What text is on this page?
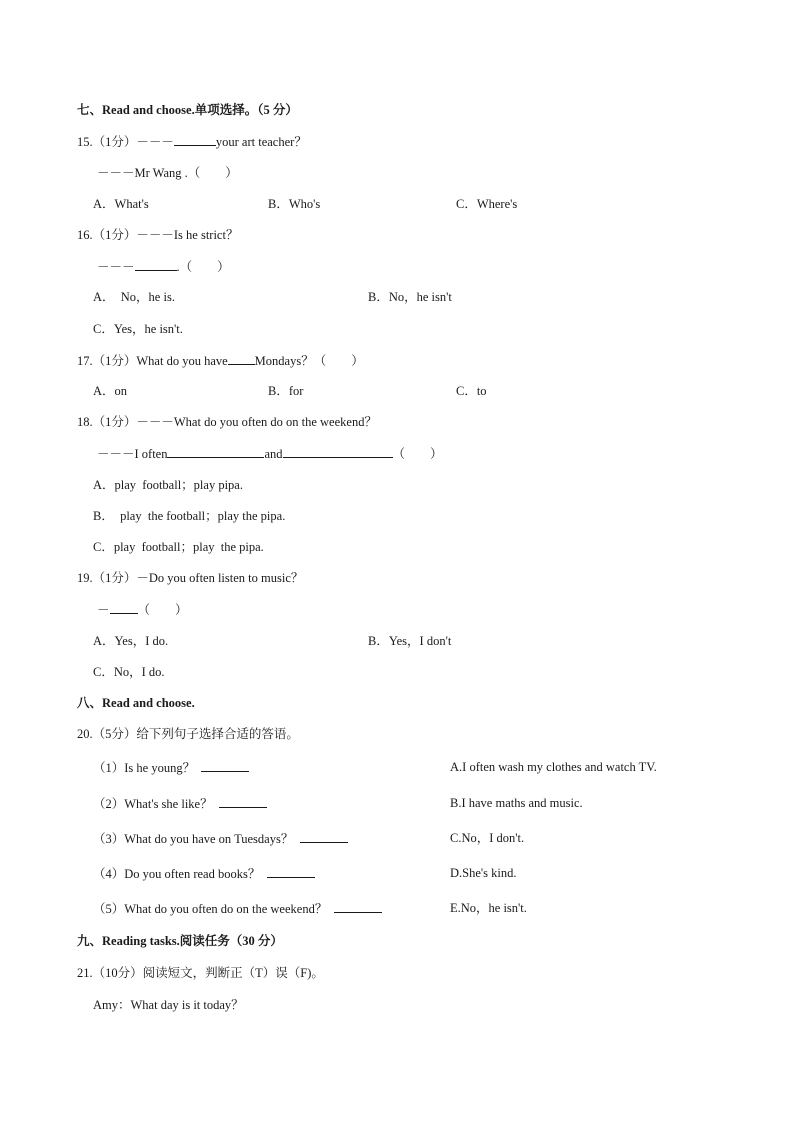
七、Read and choose.单项选择。（5 分）
15.（1分）－－－	your art teacher？
－－－Mr Wang .（　　）
A．What's	B．Who's	C．Where's
16.（1分）－－－Is he strict？
－－－	.（　　）
A．  No，he is.	B．No，he isn't
C．Yes，he isn't.
17.（1分）What do you have Mondays？（　　）
A．on	B．for	C．to
18.（1分）－－－What do you often do on the weekend？
－－－I often	and	（　　）
A．play  football；play pipa.
B．  play  the football；play the pipa.
C．play  football；play  the pipa.
19.（1分）－Do you often listen to music？
－ （　　）
A．Yes，I do.	B．Yes，I don't
C．No，I do.
八、Read and choose.
20.（5分）给下列句子选择合适的答语。
（1）Is he young？	A.I often wash my clothes and watch TV.
（2）What's she like？	B.I have maths and music.
（3）What do you have on Tuesdays？	C.No，I don't.
（4）Do you often read books？	D.She's kind.
（5）What do you often do on the weekend？	E.No，he isn't.
九、Reading tasks.阅读任务（30 分）
21.（10分）阅读短文，判断正（T）误（F)。
Amy：What day is it today？
